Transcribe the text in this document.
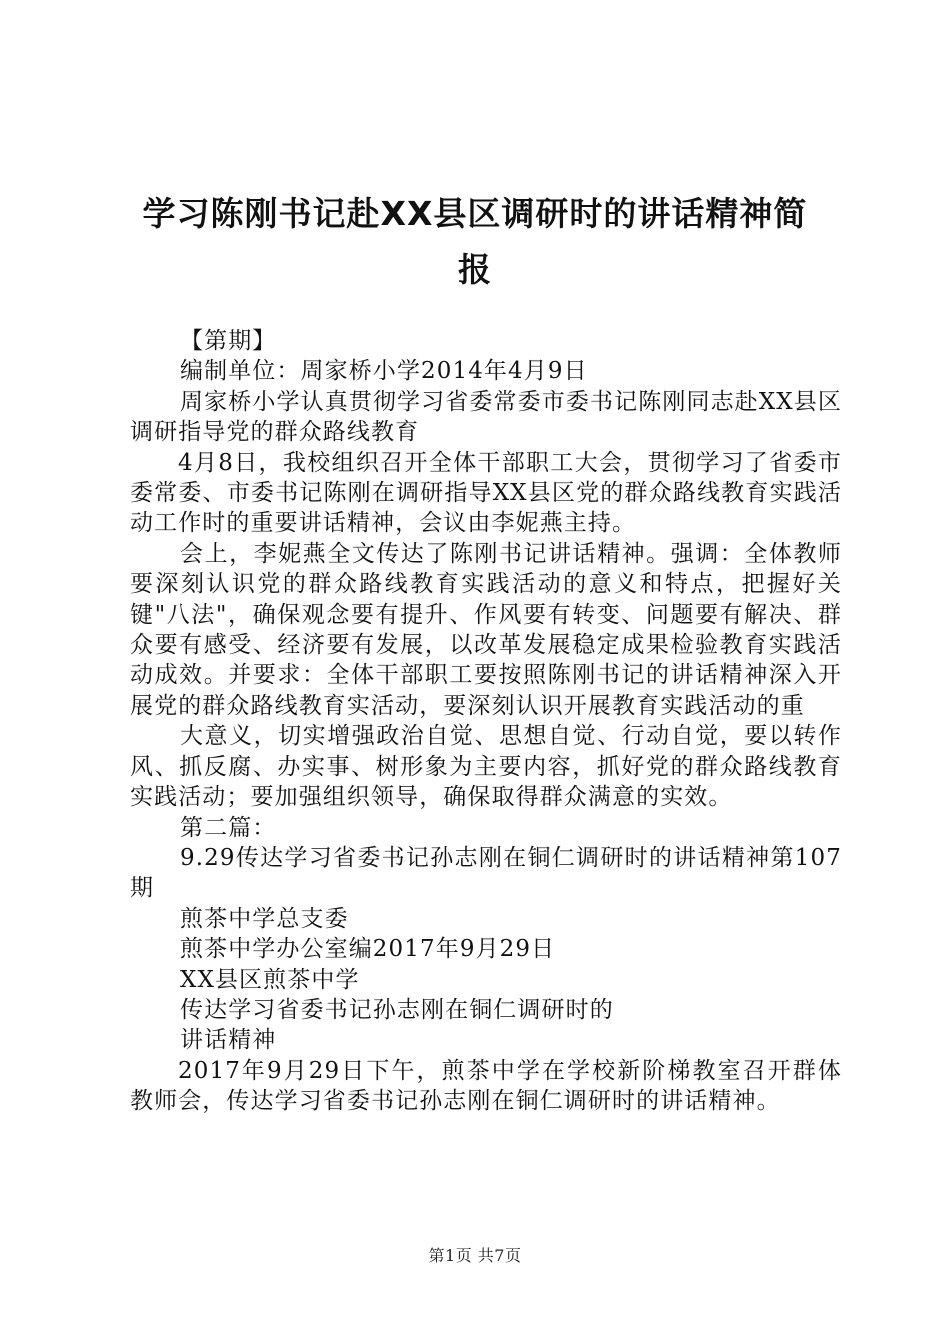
学习陈刚书记赴XX县区调研时的讲话精神简
报

【第期】

编制单位：周家桥小学2014年4月9日

周家桥小学认真贯彻学习省委常委市委书记陈刚同志赴XX县区调研指导党的群众路线教育

4月8日，我校组织召开全体干部职工大会，贯彻学习了省委市委常委、市委书记陈刚在调研指导XX县区党的群众路线教育实践活动工作时的重要讲话精神，会议由李妮燕主持。

会上，李妮燕全文传达了陈刚书记讲话精神。强调：全体教师要深刻认识党的群众路线教育实践活动的意义和特点，把握好关键"八法"，确保观念要有提升、作风要有转变、问题要有解决、群众要有感受、经济要有发展，以改革发展稳定成果检验教育实践活动成效。并要求：全体干部职工要按照陈刚书记的讲话精神深入开展党的群众路线教育实活动，要深刻认识开展教育实践活动的重

大意义，切实增强政治自觉、思想自觉、行动自觉，要以转作风、抓反腐、办实事、树形象为主要内容，抓好党的群众路线教育实践活动；要加强组织领导，确保取得群众满意的实效。

第二篇：

9.29传达学习省委书记孙志刚在铜仁调研时的讲话精神第107期

煎茶中学总支委

煎茶中学办公室编2017年9月29日

XX县区煎茶中学

传达学习省委书记孙志刚在铜仁调研时的

讲话精神

2017年9月29日下午，煎茶中学在学校新阶梯教室召开群体教师会，传达学习省委书记孙志刚在铜仁调研时的讲话精神。

第1页 共7页
